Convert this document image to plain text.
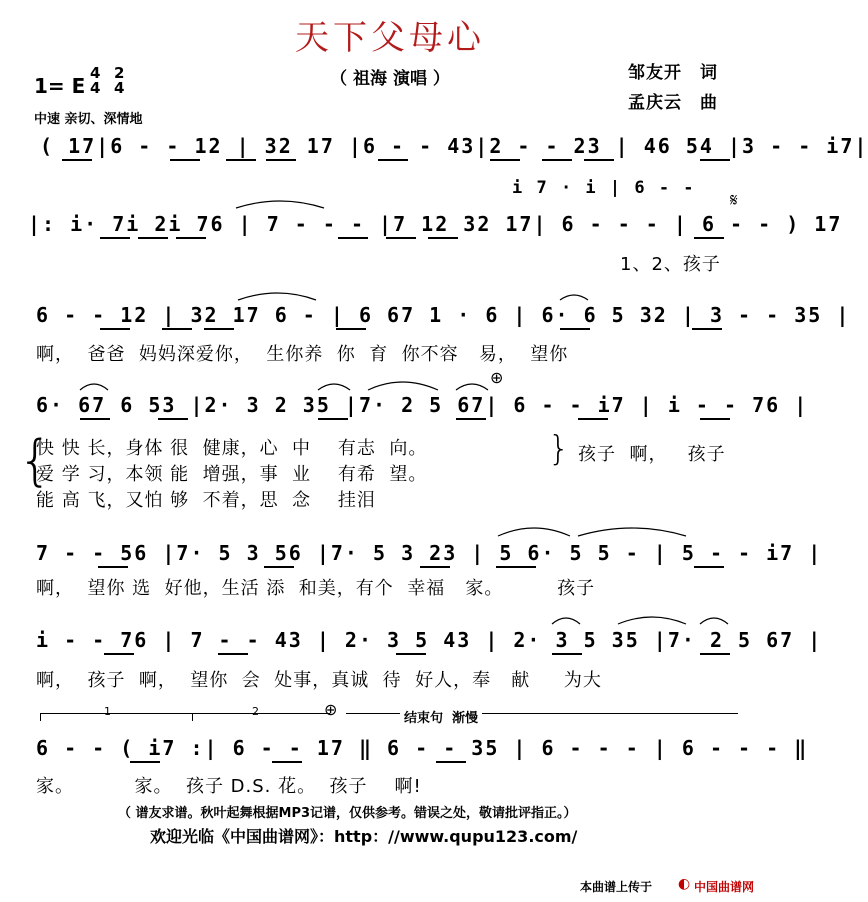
天下父母心
（ 祖海 演唱 ）	邹友开　词
孟庆云　曲
1= E
4
4
2
4
中速 亲切、深情地
( 17|6 - - 12 | 32 17 |6 - - 43|2 - - 23 | 46 54 |3 - - i7|
i 7 · i | 6 - -
|: i· 7i 2i 76 | 7 - - - |7 12 32 17| 6 - - - | 6 - - ) 17
𝄋
1、2、孩子
6 - - 12 | 32 17 6 - | 6 67 1 · 6 | 6· 6 5 32 | 3 - - 35 |
啊，  爸爸  妈妈深爱你，  生你养  你  育  你不容   易，  望你
6· 67 6 53 |2· 3 2 35 |7· 2 5 67| 6 - - i7 | i - - 76 |
⊕
快 快 长，身体 很  健康，心  中    有志  向。
爱 学 习，本领 能  增强，事  业    有希  望。
能 高 飞，又怕 够  不着，思  念    挂泪
{	} 孩子  啊，   孩子
7 - - 56 |7· 5 3 56 |7· 5 3 23 | 5 6· 5 5 - | 5 - - i7 |
啊，  望你 选  好他，生活 添  和美，有个  幸福   家。        孩子
i - - 76 | 7 - - 43 | 2· 3 5 43 | 2· 3 5 35 |7· 2 5 67 |
啊，  孩子  啊，  望你  会  处事，真诚  待  好人，奉   献     为大
1	2	⊕	结束句  渐慢
6 - - ( i7 :| 6 - - 17 ‖ 6 - - 35 | 6 - - - | 6 - - - ‖
家。         家。  孩子 D.S. 花。  孩子    啊!
（ 谱友求谱。秋叶起舞根据MP3记谱，仅供参考。错误之处，敬请批评指正。）
欢迎光临《中国曲谱网》：http：//www.qupu123.com/
本曲谱上传于 ◐ 中国曲谱网
